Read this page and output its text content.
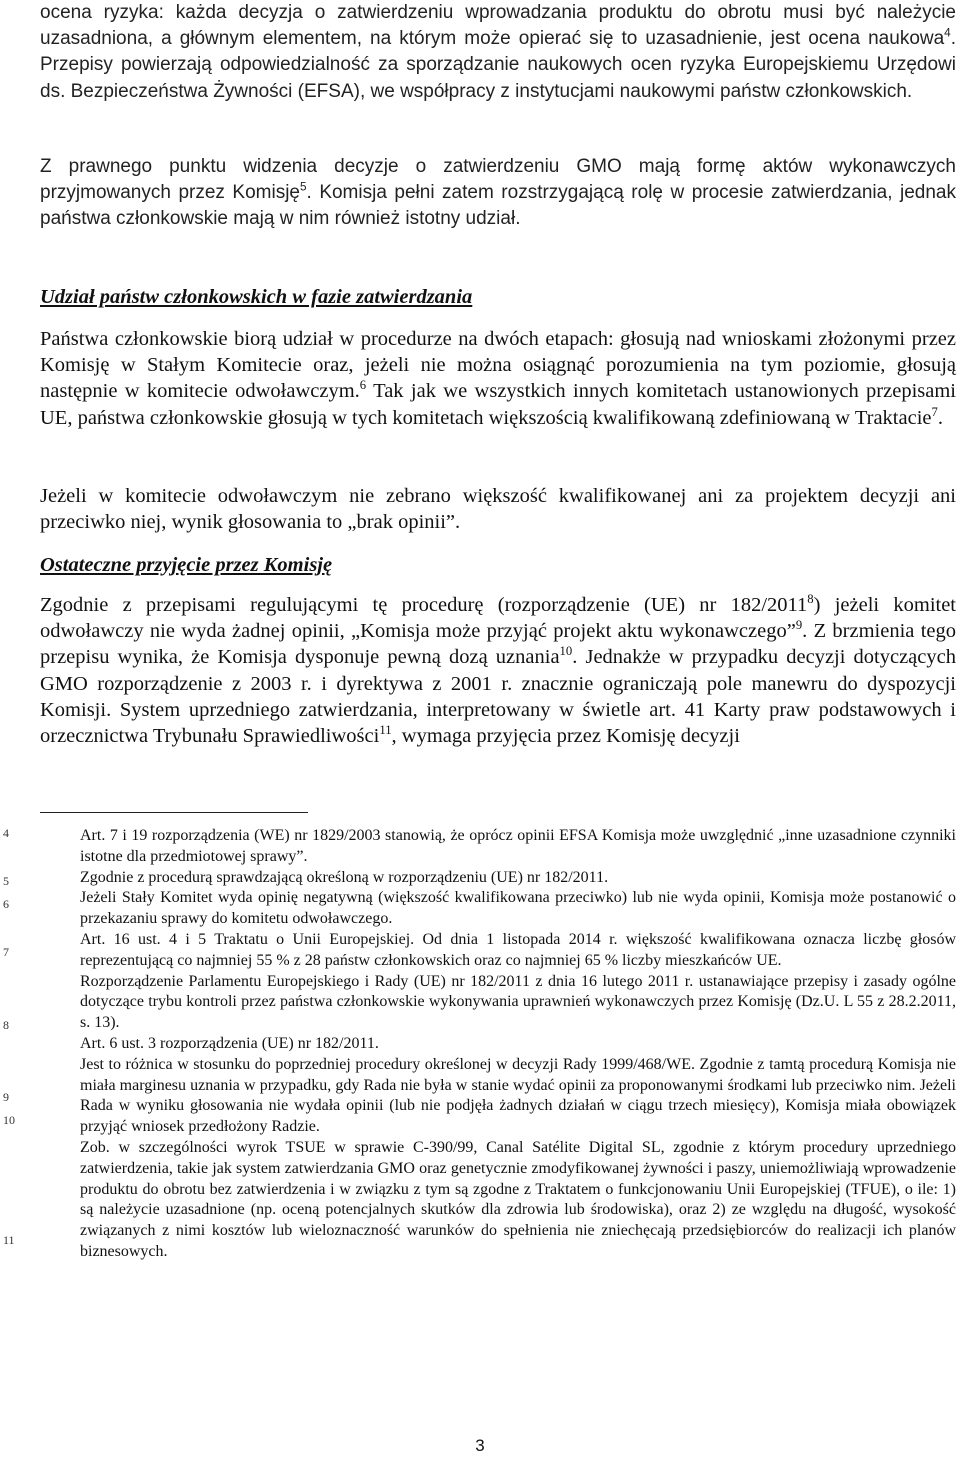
ocena ryzyka: każda decyzja o zatwierdzeniu wprowadzania produktu do obrotu musi być należycie uzasadniona, a głównym elementem, na którym może opierać się to uzasadnienie, jest ocena naukowa$^4$. Przepisy powierzają odpowiedzialność za sporządzanie naukowych ocen ryzyka Europejskiemu Urzędowi ds. Bezpieczeństwa Żywności (EFSA), we współpracy z instytucjami naukowymi państw członkowskich.

Z prawnego punktu widzenia decyzje o zatwierdzeniu GMO mają formę aktów wykonawczych przyjmowanych przez Komisję$^5$. Komisja pełni zatem rozstrzygającą rolę w procesie zatwierdzania, jednak państwa członkowskie mają w nim również istotny udział.

Udział państw członkowskich w fazie zatwierdzania

Państwa członkowskie biorą udział w procedurze na dwóch etapach: głosują nad wnioskami złożonymi przez Komisję w Stałym Komitecie oraz, jeżeli nie można osiągnąć porozumienia na tym poziomie, głosują następnie w komitecie odwoławczym.$^6$ Tak jak we wszystkich innych komitetach ustanowionych przepisami UE, państwa członkowskie głosują w tych komitetach większością kwalifikowaną zdefiniowaną w Traktacie$^7$.

Jeżeli w komitecie odwoławczym nie zebrano większość kwalifikowanej ani za projektem decyzji ani przeciwko niej, wynik głosowania to „brak opinii”.

Ostateczne przyjęcie przez Komisję

Zgodnie z przepisami regulującymi tę procedurę (rozporządzenie (UE) nr 182/2011$^8$) jeżeli komitet odwoławczy nie wyda żadnej opinii, „Komisja może przyjąć projekt aktu wykonawczego”$^9$. Z brzmienia tego przepisu wynika, że Komisja dysponuje pewną dozą uznania$^{10}$. Jednakże w przypadku decyzji dotyczących GMO rozporządzenie z 2003 r. i dyrektywa z 2001 r. znacznie ograniczają pole manewru do dyspozycji Komisji. System uprzedniego zatwierdzania, interpretowany w świetle art. 41 Karty praw podstawowych i orzecznictwa Trybunału Sprawiedliwości$^{11}$, wymaga przyjęcia przez Komisję decyzji

4
5
6
7
8
9
10
11

Art. 7 i 19 rozporządzenia (WE) nr 1829/2003 stanowią, że oprócz opinii EFSA Komisja może uwzględnić „inne uzasadnione czynniki istotne dla przedmiotowej sprawy”.

Zgodnie z procedurą sprawdzającą określoną w rozporządzeniu (UE) nr 182/2011.

Jeżeli Stały Komitet wyda opinię negatywną (większość kwalifikowana przeciwko) lub nie wyda opinii, Komisja może postanowić o przekazaniu sprawy do komitetu odwoławczego.

Art. 16 ust. 4 i 5 Traktatu o Unii Europejskiej. Od dnia 1 listopada 2014 r. większość kwalifikowana oznacza liczbę głosów reprezentującą co najmniej 55 % z 28 państw członkowskich oraz co najmniej 65 % liczby mieszkańców UE.

Rozporządzenie Parlamentu Europejskiego i Rady (UE) nr 182/2011 z dnia 16 lutego 2011 r. ustanawiające przepisy i zasady ogólne dotyczące trybu kontroli przez państwa członkowskie wykonywania uprawnień wykonawczych przez Komisję (Dz.U. L 55 z 28.2.2011, s. 13).

Art. 6 ust. 3 rozporządzenia (UE) nr 182/2011.

Jest to różnica w stosunku do poprzedniej procedury określonej w decyzji Rady 1999/468/WE. Zgodnie z tamtą procedurą Komisja nie miała marginesu uznania w przypadku, gdy Rada nie była w stanie wydać opinii za proponowanymi środkami lub przeciwko nim. Jeżeli Rada w wyniku głosowania nie wydała opinii (lub nie podjęła żadnych działań w ciągu trzech miesięcy), Komisja miała obowiązek przyjąć wniosek przedłożony Radzie.

Zob. w szczególności wyrok TSUE w sprawie C-390/99, Canal Satélite Digital SL, zgodnie z którym procedury uprzedniego zatwierdzenia, takie jak system zatwierdzania GMO oraz genetycznie zmodyfikowanej żywności i paszy, uniemożliwiają wprowadzenie produktu do obrotu bez zatwierdzenia i w związku z tym są zgodne z Traktatem o funkcjonowaniu Unii Europejskiej (TFUE), o ile: 1) są należycie uzasadnione (np. oceną potencjalnych skutków dla zdrowia lub środowiska), oraz 2) ze względu na długość, wysokość związanych z nimi kosztów lub wieloznaczność warunków do spełnienia nie zniechęcają przedsiębiorców do realizacji ich planów biznesowych.

3
